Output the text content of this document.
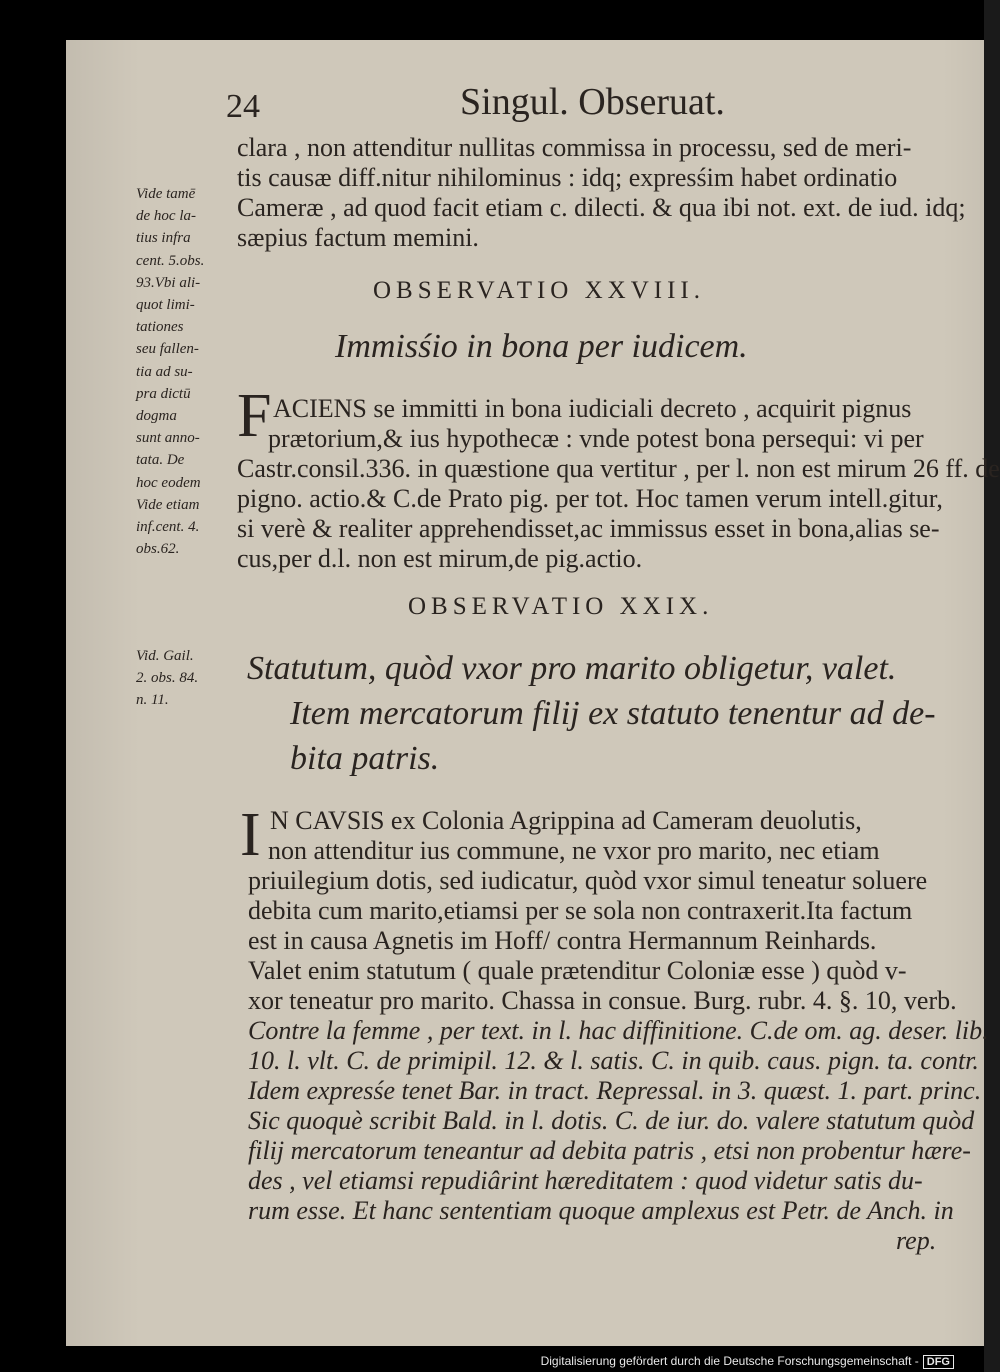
24	Singul. Obseruat.
clara , non attenditur nullitas commissa in processu, sed de meri-
tis causæ diff.nitur nihilominus : idq; expresśim habet ordinatio
Cameræ , ad quod facit etiam c. dilecti. & qua ibi not. ext. de iud. idq;
sæpius factum memini.
Vide tamē
de hoc la-
tius infra
cent. 5.obs.
93.Vbi ali-
quot limi-
tationes
seu fallen-
tia ad su-
pra dictū
dogma
sunt anno-
tata. De
hoc eodem
Vide etiam
inf.cent. 4.
obs.62.
OBSERVATIO XXVIII.
Immisśio in bona per iudicem.
F ACIENS se immitti in bona iudiciali decreto , acquirit pignus
prætorium,& ius hypothecæ : vnde potest bona persequi: vi per
Castr.consil.336. in quæstione qua vertitur , per l. non est mirum 26 ff. de
pigno. actio.& C.de Prato pig. per tot. Hoc tamen verum intell.gitur,
si verè & realiter apprehendisset,ac immissus esset in bona,alias se-
cus,per d.l. non est mirum,de pig.actio.
OBSERVATIO XXIX.
Vid. Gail.
2. obs. 84.
n. 11.
Statutum, quòd vxor pro marito obligetur, valet.
Item mercatorum filij ex statuto tenentur ad de-
bita patris.
I N CAVSIS ex Colonia Agrippina ad Cameram deuolutis,
non attenditur ius commune, ne vxor pro marito, nec etiam
priuilegium dotis, sed iudicatur, quòd vxor simul teneatur soluere
debita cum marito,etiamsi per se sola non contraxerit.Ita factum
est in causa Agnetis im Hoff/ contra Hermannum Reinhards.
Valet enim statutum ( quale prætenditur Coloniæ esse ) quòd v-
xor teneatur pro marito. Chassa in consue. Burg. rubr. 4. §. 10, verb.
Contre la femme , per text. in l. hac diffinitione. C.de om. ag. deser. lib.
10. l. vlt. C. de primipil. 12. & l. satis. C. in quib. caus. pign. ta. contr.
Idem expresśe tenet Bar. in tract. Repressal. in 3. quæst. 1. part. princ.
Sic quoquè scribit Bald. in l. dotis. C. de iur. do. valere statutum quòd
filij mercatorum teneantur ad debita patris , etsi non probentur hære-
des , vel etiamsi repudiârint hæreditatem : quod videtur satis du-
rum esse. Et hanc sententiam quoque amplexus est Petr. de Anch. in
rep.
Digitalisierung gefördert durch die Deutsche Forschungsgemeinschaft - DFG
